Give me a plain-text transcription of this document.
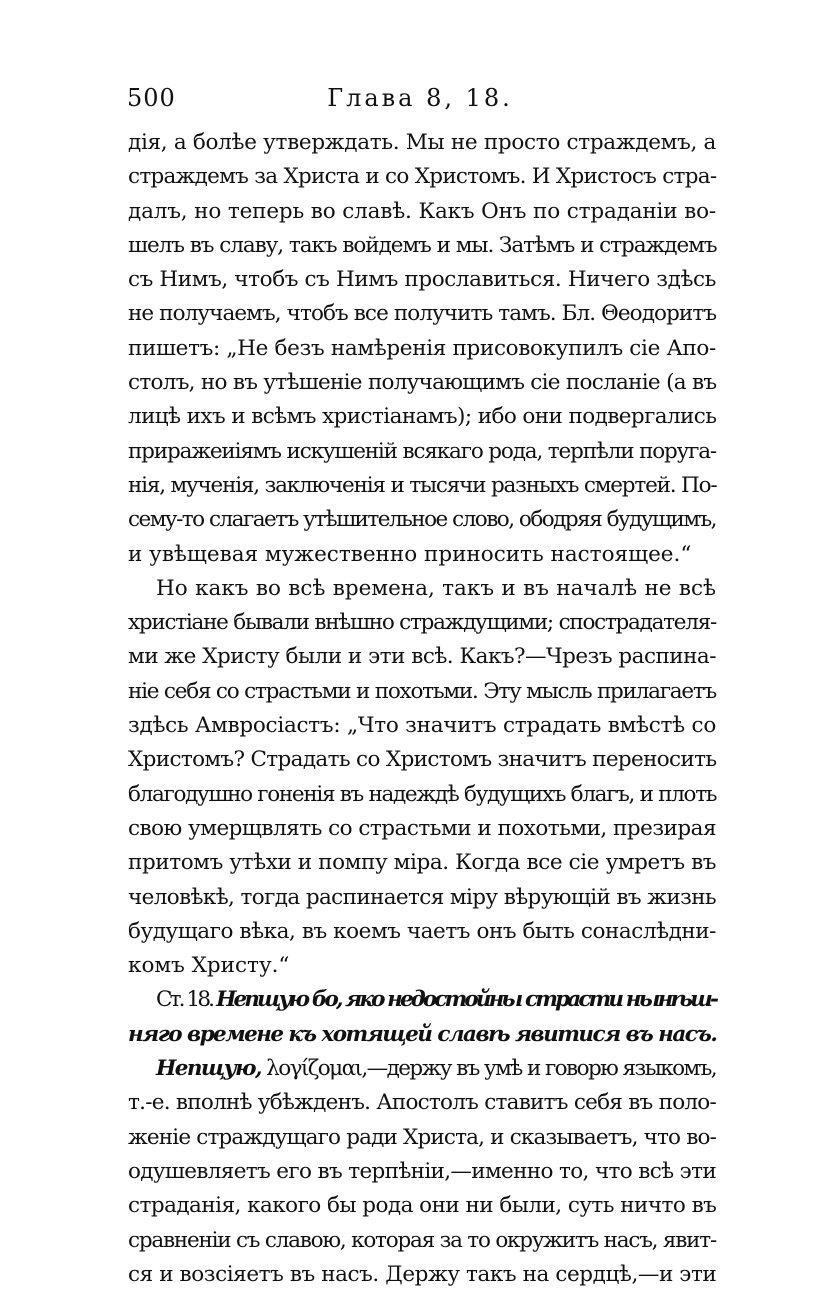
500	Глава 8, 18.
дія, а болѣе утверждать. Мы не просто страждемъ, а
страждемъ за Христа и со Христомъ. И Христосъ стра-
далъ, но теперь во славѣ. Какъ Онъ по страданіи во-
шелъ въ славу, такъ войдемъ и мы. Затѣмъ и страждемъ
съ Нимъ, чтобъ съ Нимъ прославиться. Ничего здѣсь
не получаемъ, чтобъ все получить тамъ. Бл. Θеодоритъ
пишетъ: „Не безъ намѣренія присовокупилъ сіе Апо-
столъ, но въ утѣшеніе получающимъ сіе посланіе (а въ
лицѣ ихъ и всѣмъ христіанамъ); ибо они подвергались
приражеиіямъ искушеній всякаго рода, терпѣли поруга-
нія, мученія, заключенія и тысячи разныхъ смертей. По-
сему-то слагаетъ утѣшительное слово, ободряя будущимъ,
и увѣщевая мужественно приносить настоящее.“
Но какъ во всѣ времена, такъ и въ началѣ не всѣ
христіане бывали внѣшно страждущими; спострадателя-
ми же Христу были и эти всѣ. Какъ?—Чрезъ распина-
ніе себя со страстьми и похотьми. Эту мысль прилагаетъ
здѣсь Амвросіастъ: „Что значитъ страдать вмѣстѣ со
Христомъ? Страдать со Христомъ значитъ переносить
благодушно гоненія въ надеждѣ будущихъ благъ, и плоть
свою умерщвлять со страстьми и похотьми, презирая
притомъ утѣхи и помпу міра. Когда все сіе умретъ въ
человѣкѣ, тогда распинается міру вѣрующій въ жизнь
будущаго вѣка, въ коемъ чаетъ онъ быть сонаслѣдни-
комъ Христу.“
Ст. 18. Непщую бо, яко недостойны страсти нынѣш-
няго времене къ хотящей славѣ явитися въ насъ.
Непщую, λογίζομαι,—держу въ умѣ и говорю языкомъ,
т.-е. вполнѣ убѣжденъ. Апостолъ ставитъ себя въ поло-
женіе страждущаго ради Христа, и сказываетъ, что во-
одушевляетъ его въ терпѣніи,—именно то, что всѣ эти
страданія, какого бы рода они ни были, суть ничто въ
сравненіи съ славою, которая за то окружитъ насъ, явит-
ся и возсіяетъ въ насъ. Держу такъ на сердцѣ,—и эти
